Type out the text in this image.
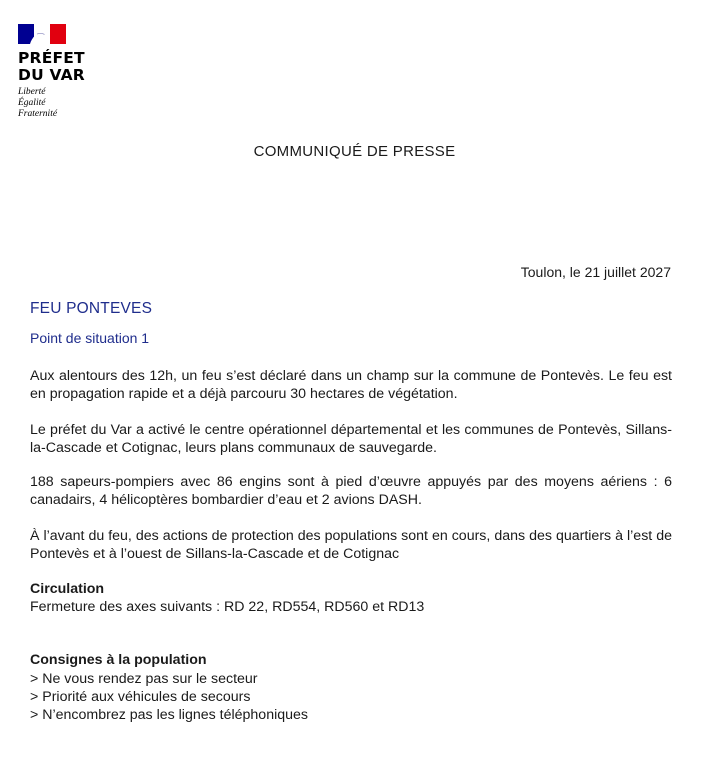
PRÉFET
DU VAR
Liberté
Égalité
Fraternité
COMMUNIQUÉ DE PRESSE
Toulon, le 21 juillet 2027
FEU PONTEVES
Point de situation 1
Aux alentours des 12h, un feu s’est déclaré dans un champ sur la commune de Pontevès. Le feu est en propagation rapide et a déjà parcouru 30 hectares de végétation.
Le préfet du Var a activé le centre opérationnel départemental et les communes de Pontevès, Sillans-la-Cascade et Cotignac, leurs plans communaux de sauvegarde.
188 sapeurs-pompiers avec 86 engins sont à pied d’œuvre appuyés par des moyens aériens : 6 canadairs, 4 hélicoptères bombardier d’eau et 2 avions DASH.
À l’avant du feu, des actions de protection des populations sont en cours, dans des quartiers à l’est de Pontevès et à l’ouest de Sillans-la-Cascade et de Cotignac
Circulation
Fermeture des axes suivants : RD 22, RD554, RD560 et RD13
Consignes à la population
> Ne vous rendez pas sur le secteur
> Priorité aux véhicules de secours
> N’encombrez pas les lignes téléphoniques
